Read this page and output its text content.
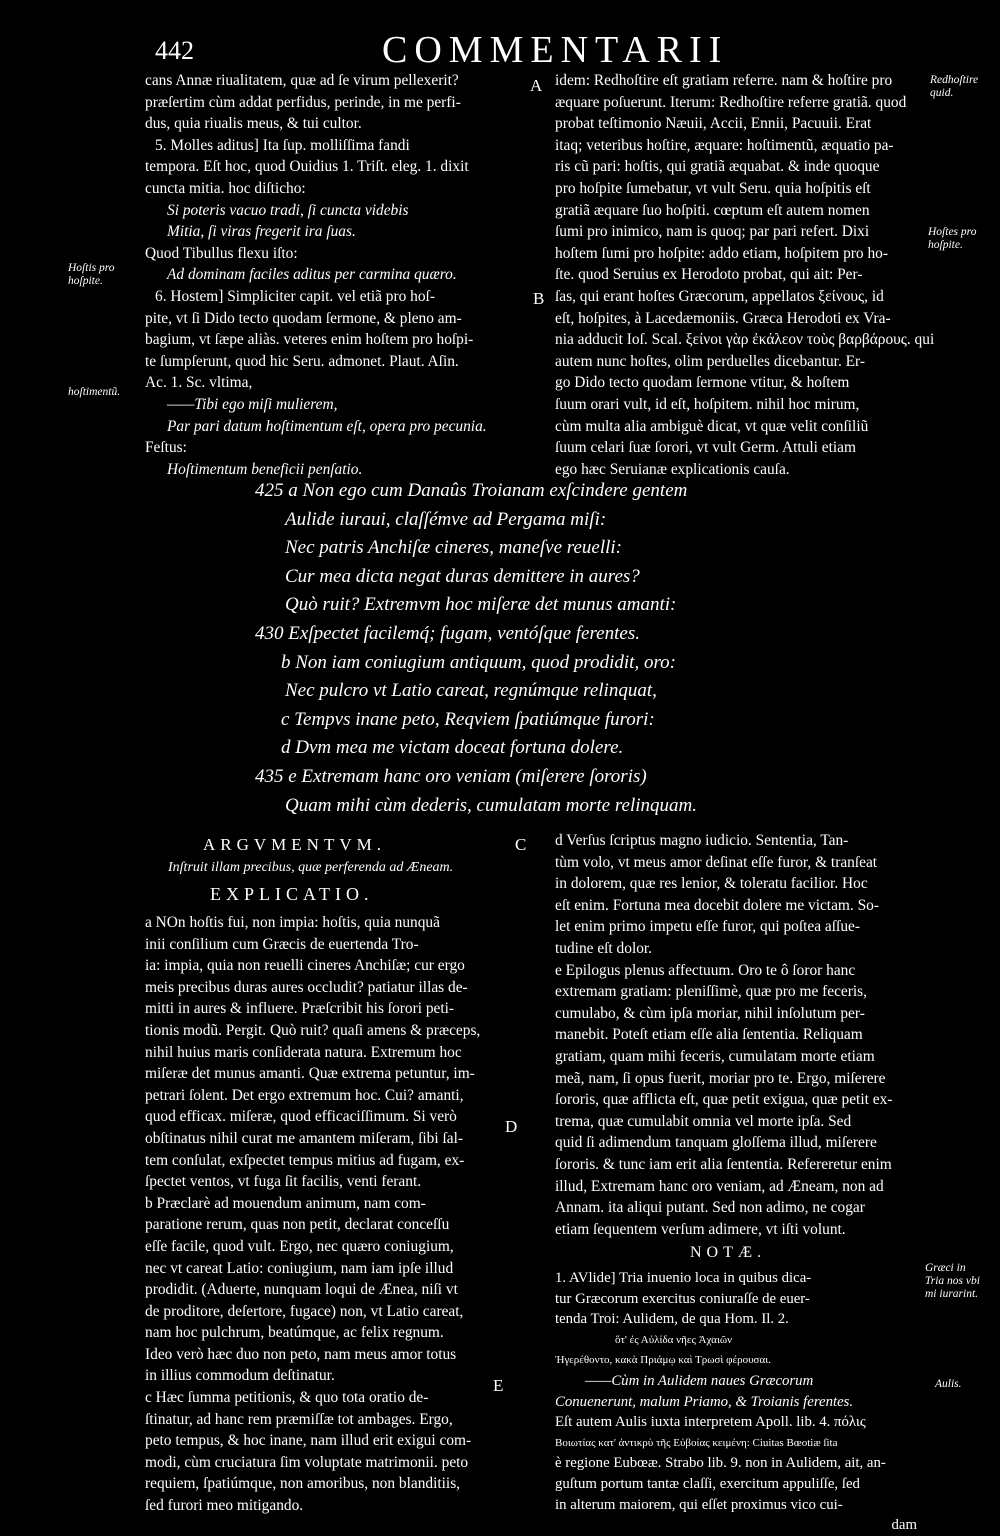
442	COMMENTARII
cans Annæ riualitatem, quæ ad ſe virum pellexerit?
præſertim cùm addat perfidus, perinde, in me perfi-
dus, quia riualis meus, & tui cultor.
5. Molles aditus] Ita ſup. molliſſima fandi
tempora. Eſt hoc, quod Ouidius 1. Triſt. eleg. 1. dixit
cuncta mitia. hoc diſticho:
Si poteris vacuo tradi, ſi cuncta videbis
Mitia, ſi viras fregerit ira ſuas.
Quod Tibullus flexu iſto:
Ad dominam faciles aditus per carmina quæro.
6. Hostem] Simpliciter capit. vel etiã pro hoſ-
pite, vt ſi Dido tecto quodam ſermone, & pleno am-
bagium, vt ſæpe aliàs. veteres enim hoſtem pro hoſpi-
te ſumpſerunt, quod hic Seru. admonet. Plaut. Aſin.
Ac. 1. Sc. vltima,
——Tibi ego miſi mulierem,
Par pari datum hoſtimentum eſt, opera pro pecunia.
Feſtus:
Hoſtimentum beneficii penſatio.
idem: Redhoſtire eſt gratiam referre. nam & hoſtire pro
æquare poſuerunt. Iterum: Redhoſtire referre gratiã. quod
probat teſtimonio Næuii, Accii, Ennii, Pacuuii. Erat
itaq; veteribus hoſtire, æquare: hoſtimentũ, æquatio pa-
ris cũ pari: hoſtis, qui gratiã æquabat. & inde quoque
pro hoſpite ſumebatur, vt vult Seru. quia hoſpitis eſt
gratiã æquare ſuo hoſpiti. cœptum eſt autem nomen
ſumi pro inimico, nam is quoq; par pari refert. Dixi
hoſtem ſumi pro hoſpite: addo etiam, hoſpitem pro ho-
ſte. quod Seruius ex Herodoto probat, qui ait: Per-
ſas, qui erant hoſtes Græcorum, appellatos ξείνους, id
eſt, hoſpites, à Lacedæmoniis. Græca Herodoti ex Vra-
nia adducit Ioſ. Scal. ξείνοι γὰρ ἐκάλεον τοὺς βαρβάρους. qui
autem nunc hoſtes, olim perduelles dicebantur. Er-
go Dido tecto quodam ſermone vtitur, & hoſtem
ſuum orari vult, id eſt, hoſpitem. nihil hoc mirum,
cùm multa alia ambiguè dicat, vt quæ velit conſiliũ
ſuum celari ſuæ ſorori, vt vult Germ. Attuli etiam
ego hæc Seruianæ explicationis cauſa.
Hoſtis pro hoſpite.
hoſtimentũ.
Redhoſtire quid.
Hoſtes pro hoſpite.
Græci in Tria nos vbi mi iurarint.
Aulis.
A
B
C
D
E
425 a Non ego cum Danaûs Troianam exſcindere gentem
Aulide iuraui, claſſémve ad Pergama miſi:
Nec patris Anchiſæ cineres, maneſve reuelli:
Cur mea dicta negat duras demittere in aures?
Quò ruit? Extremvm hoc miſeræ det munus amanti:
430 Exſpectet facilemq́; fugam, ventóſque ferentes.
b Non iam coniugium antiquum, quod prodidit, oro:
Nec pulcro vt Latio careat, regnúmque relinquat,
c Tempvs inane peto, Reqviem ſpatiúmque furori:
d Dvm mea me victam doceat fortuna dolere.
435 e Extremam hanc oro veniam (miſerere ſororis)
Quam mihi cùm dederis, cumulatam morte relinquam.
ARGVMENTVM.
Inſtruit illam precibus, quæ perferenda ad Æneam.
EXPLICATIO.
a NOn hoſtis fui, non impia: hoſtis, quia nunquã
inii conſilium cum Græcis de euertenda Tro-
ia: impia, quia non reuelli cineres Anchiſæ; cur ergo
meis precibus duras aures occludit? patiatur illas de-
mitti in aures & influere. Præſcribit his ſorori peti-
tionis modũ. Pergit. Quò ruit? quaſi amens & præceps,
nihil huius maris conſiderata natura. Extremum hoc
miſeræ det munus amanti. Quæ extrema petuntur, im-
petrari ſolent. Det ergo extremum hoc. Cui? amanti,
quod efficax. miſeræ, quod efficaciſſimum. Si verò
obſtinatus nihil curat me amantem miſeram, ſibi ſal-
tem conſulat, exſpectet tempus mitius ad fugam, ex-
ſpectet ventos, vt fuga ſit facilis, venti ferant.
b Præclarè ad mouendum animum, nam com-
paratione rerum, quas non petit, declarat conceſſu
eſſe facile, quod vult. Ergo, nec quæro coniugium,
nec vt careat Latio: coniugium, nam iam ipſe illud
prodidit. (Aduerte, nunquam loqui de Ænea, niſi vt
de proditore, deſertore, fugace) non, vt Latio careat,
nam hoc pulchrum, beatúmque, ac felix regnum.
Ideo verò hæc duo non peto, nam meus amor totus
in illius commodum deſtinatur.
c Hæc ſumma petitionis, & quo tota oratio de-
ſtinatur, ad hanc rem præmiſſæ tot ambages. Ergo,
peto tempus, & hoc inane, nam illud erit exigui com-
modi, cùm cruciatura ſim voluptate matrimonii. peto
requiem, ſpatiúmque, non amoribus, non blanditiis,
ſed furori meo mitigando.
d Verſus ſcriptus magno iudicio. Sententia, Tan-
tùm volo, vt meus amor deſinat eſſe furor, & tranſeat
in dolorem, quæ res lenior, & toleratu facilior. Hoc
eſt enim. Fortuna mea docebit dolere me victam. So-
let enim primo impetu eſſe furor, qui poſtea aſſue-
tudine eſt dolor.
e Epilogus plenus affectuum. Oro te ô ſoror hanc
extremam gratiam: pleniſſimè, quæ pro me feceris,
cumulabo, & cùm ipſa moriar, nihil inſolutum per-
manebit. Poteſt etiam eſſe alia ſententia. Reliquam
gratiam, quam mihi feceris, cumulatam morte etiam
meã, nam, ſi opus fuerit, moriar pro te. Ergo, miſerere
ſororis, quæ afflicta eſt, quæ petit exigua, quæ petit ex-
trema, quæ cumulabit omnia vel morte ipſa. Sed
quid ſi adimendum tanquam gloſſema illud, miſerere
ſororis. & tunc iam erit alia ſententia. Refereretur enim
illud, Extremam hanc oro veniam, ad Æneam, non ad
Annam. ita aliqui putant. Sed non adimo, ne cogar
etiam ſequentem verſum adimere, vt iſti volunt.
NOTÆ.
1. AVlide] Tria inuenio loca in quibus dica-
tur Græcorum exercitus coniuraſſe de euer-
tenda Troi: Aulidem, de qua Hom. Il. 2.
ὅτ' ἐς Αὐλίδα νῆες Ἀχαιῶν
Ἠγερέθοντο, κακὰ Πριάμῳ καὶ Τρωσὶ φέρουσαι.
——Cùm in Aulidem naues Græcorum
Conuenerunt, malum Priamo, & Troianis ferentes.
Eſt autem Aulis iuxta interpretem Apoll. lib. 4. πόλις
Βοιωτίας κατ' ἀντικρὺ τῆς Εὐβοίας κειμένη: Ciuitas Bœotiæ ſita
è regione Eubœæ. Strabo lib. 9. non in Aulidem, ait, an-
guſtum portum tantæ claſſi, exercitum appuliſſe, ſed
in alterum maiorem, qui eſſet proximus vico cui-
dam
